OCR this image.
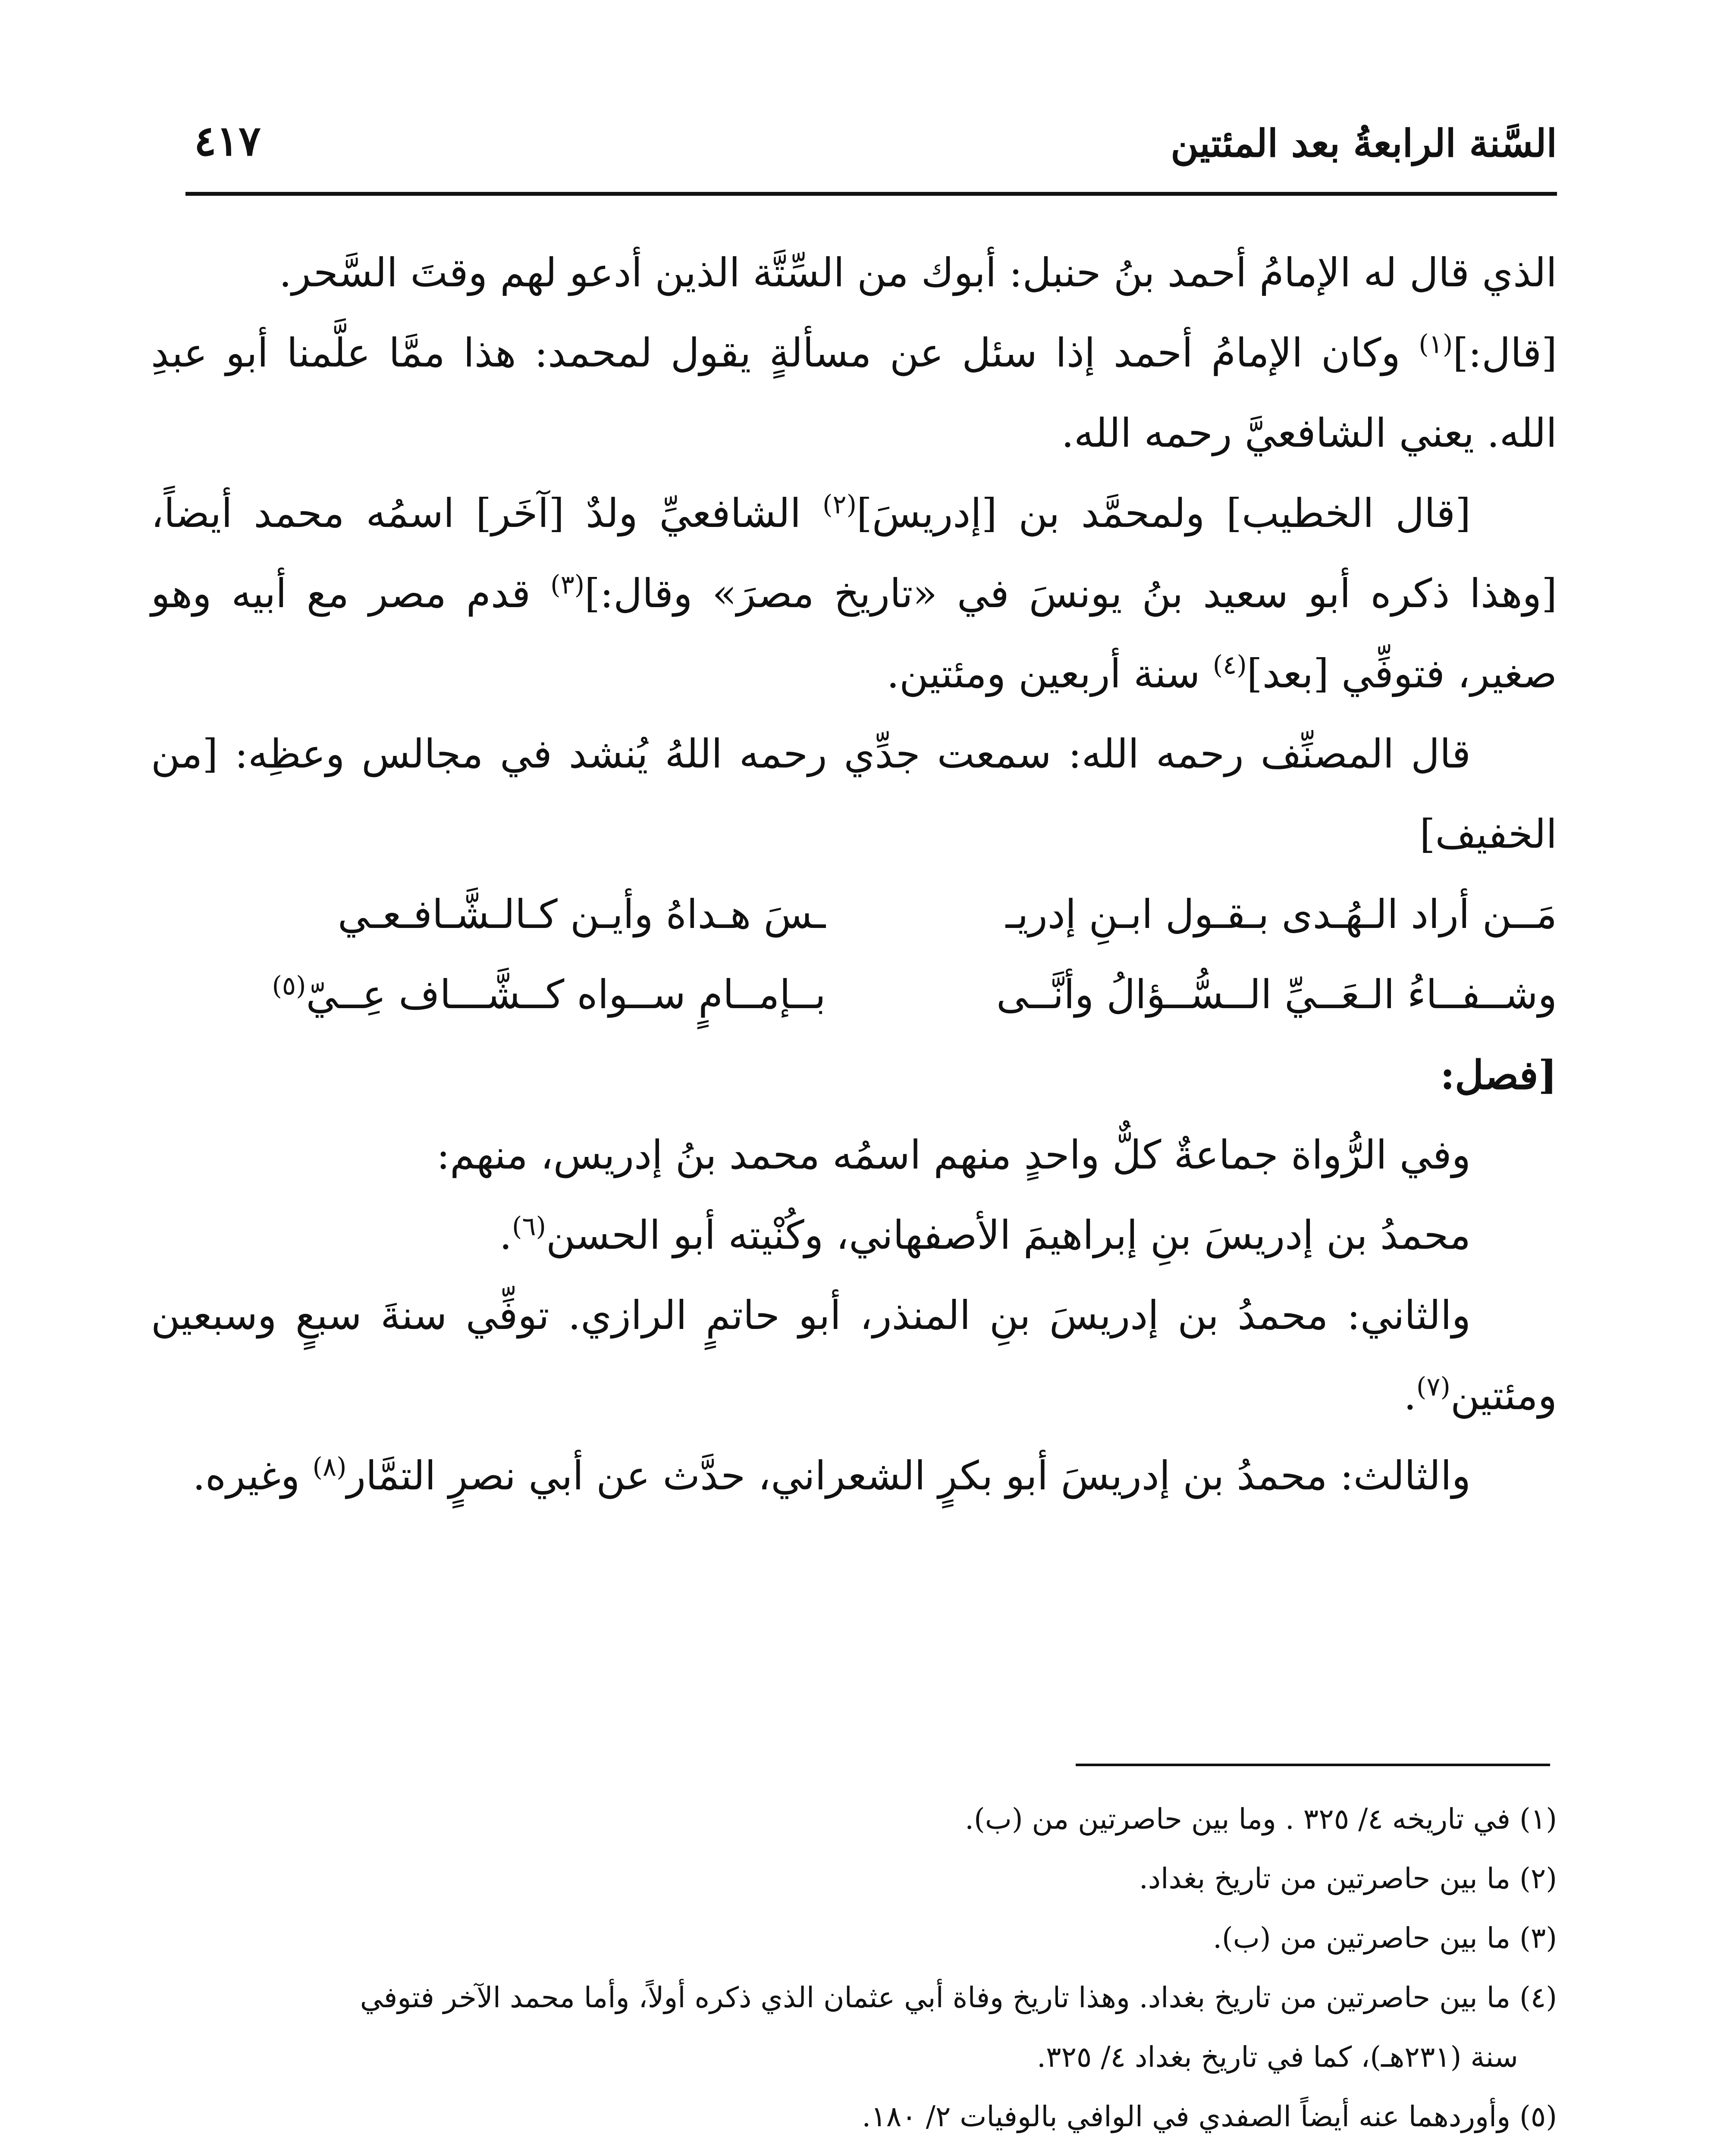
السَّنة الرابعةُ بعد المئتين
٤١٧

الذي قال له الإمامُ أحمد بنُ حنبل: أبوك من السِّتَّة الذين أدعو لهم وقتَ السَّحر.

[قال:]$^{(١)}$ وكان الإمامُ أحمد إذا سئل عن مسألةٍ يقول لمحمد: هذا ممَّا علَّمنا أبو عبدِ الله. يعني الشافعيَّ رحمه الله.

[قال الخطيب] ولمحمَّد بن [إدريسَ]$^{(٢)}$ الشافعيِّ ولدٌ [آخَر] اسمُه محمد أيضاً، [وهذا ذكره أبو سعيد بنُ يونسَ في «تاريخ مصرَ» وقال:]$^{(٣)}$ قدم مصر مع أبيه وهو صغير، فتوفِّي [بعد]$^{(٤)}$ سنة أربعين ومئتين.

قال المصنِّف رحمه الله: سمعت جدِّي رحمه اللهُ يُنشد في مجالس وعظِه: [من الخفيف]

مَــن أراد الـهُـدى بـقـول ابـنِ إدريـ
ـسَ هـداهُ وأيـن كـالـشَّـافـعـي
وشــفــاءُ الـعَــيِّ الــسُّــؤالُ وأنَّــى
بــإمــامٍ ســواه كــشَّـــاف عِــيّ$^{(٥)}$

[فصل:

وفي الرُّواة جماعةٌ كلٌّ واحدٍ منهم اسمُه محمد بنُ إدريس، منهم:

محمدُ بن إدريسَ بنِ إبراهيمَ الأصفهاني، وكُنْيته أبو الحسن$^{(٦)}$.

والثاني: محمدُ بن إدريسَ بنِ المنذر، أبو حاتمٍ الرازي. توفِّي سنةَ سبعٍ وسبعين ومئتين$^{(٧)}$.

والثالث: محمدُ بن إدريسَ أبو بكرٍ الشعراني، حدَّث عن أبي نصرٍ التمَّار$^{(٨)}$ وغيره.

(١) في تاريخه ٤/ ٣٢٥ . وما بين حاصرتين من (ب).

(٢) ما بين حاصرتين من تاريخ بغداد.

(٣) ما بين حاصرتين من (ب).

(٤) ما بين حاصرتين من تاريخ بغداد. وهذا تاريخ وفاة أبي عثمان الذي ذكره أولاً، وأما محمد الآخر فتوفي

سنة (٢٣١هـ)، كما في تاريخ بغداد ٤/ ٣٢٥.

(٥) وأوردهما عنه أيضاً الصفدي في الوافي بالوفيات ٢/ ١٨٠.
